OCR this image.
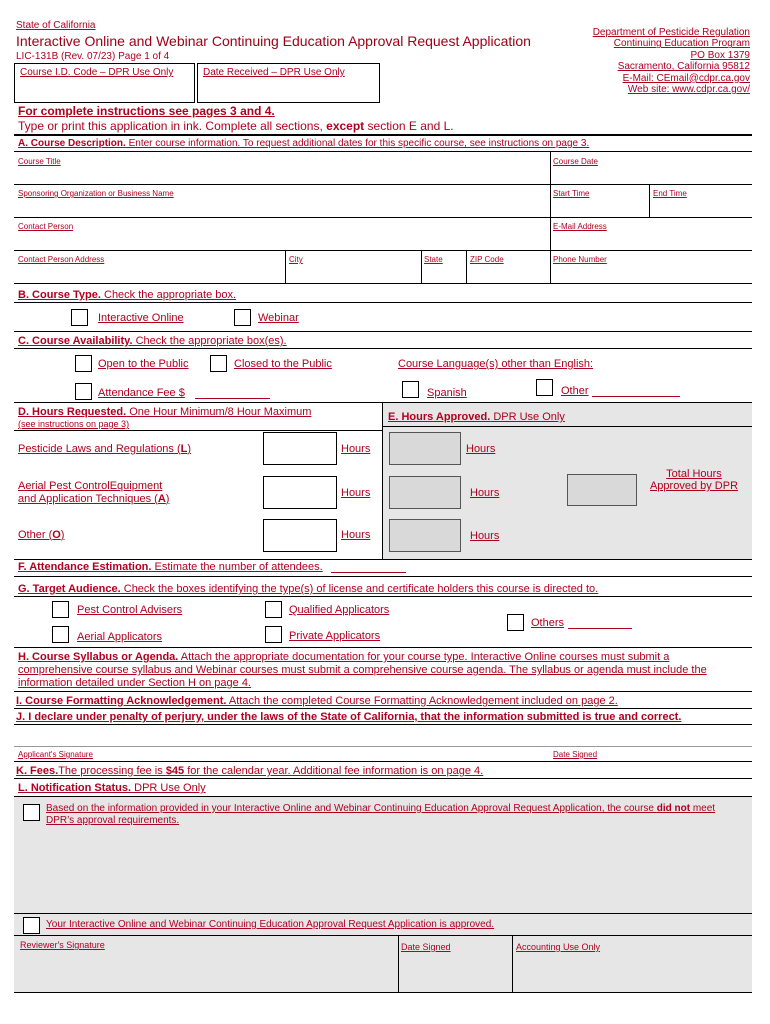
State of California
Interactive Online and Webinar Continuing Education Approval Request Application
LIC-131B (Rev. 07/23) Page 1 of 4
Course I.D. Code – DPR Use Only	Date Received – DPR Use Only
Department of Pesticide Regulation
Continuing Education Program
PO Box 1379
Sacramento, California 95812
E-Mail: CEmail@cdpr.ca.gov
Web site: www.cdpr.ca.gov/
For complete instructions see pages 3 and 4.
Type or print this application in ink. Complete all sections, except section E and L.
A. Course Description. Enter course information. To request additional dates for this specific course, see instructions on page 3.
Course Title	Course Date
Sponsoring Organization or Business Name	Start Time	End Time
Contact Person	E-Mail Address
Contact Person Address	City	State	ZIP Code	Phone Number
B. Course Type. Check the appropriate box.
Interactive Online	Webinar
C. Course Availability. Check the appropriate box(es).
Open to the Public	Closed to the Public	Course Language(s) other than English:
Attendance Fee $	Spanish	Other
D. Hours Requested. One Hour Minimum/8 Hour Maximum
(see instructions on page 3)
E. Hours Approved. DPR Use Only
Pesticide Laws and Regulations (L)	Hours	Hours
Aerial Pest ControlEquipment
and Application Techniques (A)	Hours	Hours
Total Hours
Approved by DPR
Other (O)	Hours	Hours
F. Attendance Estimation. Estimate the number of attendees.
G. Target Audience. Check the boxes identifying the type(s) of license and certificate holders this course is directed to.
Pest Control Advisers	Qualified Applicators
Others
Aerial Applicators	Private Applicators
H. Course Syllabus or Agenda. Attach the appropriate documentation for your course type. Interactive Online courses must submit a
comprehensive course syllabus and Webinar courses must submit a comprehensive course agenda. The syllabus or agenda must include the
information detailed under Section H on page 4.
I. Course Formatting Acknowledgement. Attach the completed Course Formatting Acknowledgement included on page 2.
J. I declare under penalty of perjury, under the laws of the State of California, that the information submitted is true and correct.
Applicant's Signature	Date Signed
K. Fees.The processing fee is $45 for the calendar year. Additional fee information is on page 4.
L. Notification Status. DPR Use Only
Based on the information provided in your Interactive Online and Webinar Continuing Education Approval Request Application, the course did not meet
DPR’s approval requirements.
Your Interactive Online and Webinar Continuing Education Approval Request Application is approved.
Reviewer's Signature	Date Signed	Accounting Use Only
